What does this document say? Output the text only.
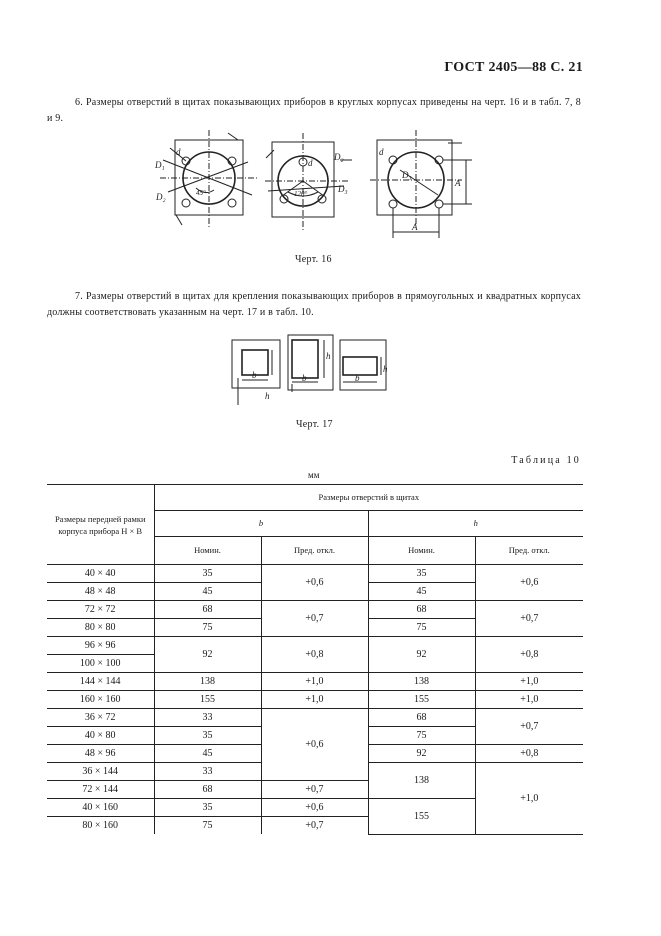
ГОСТ 2405—88 С. 21
6. Размеры отверстий в щитах показывающих приборов в круглых корпусах приведены на черт. 16 и в табл. 7, 8 и 9.
d
D₁
D₂	45°
d
D₂
D₃
120°
d
D₃
A
A
Черт. 16
7. Размеры отверстий в щитах для крепления показывающих приборов в прямоугольных и квадратных корпусах должны соответствовать указанным на черт. 17 и в табл. 10.
b
h
b
h
b
h
Черт. 17
Таблица 10
мм
Размеры передней рамки корпуса прибора H × B	Размеры отверстий в щитах			
	b		h	
	Номин.	Пред. откл.	Номин.	Пред. откл.
40 × 40	35	+0,6	35	+0,6
48 × 48	45		45	
72 × 72	68	+0,7	68	+0,7
80 × 80	75		75	
96 × 96	92	+0,8	92	+0,8
100 × 100				
144 × 144	138	+1,0	138	+1,0
160 × 160	155	+1,0	155	+1,0
36 × 72	33	+0,6	68	+0,7
40 × 80	35		75	
48 × 96	45		92	+0,8
36 × 144	33		138	+1,0
72 × 144	68	+0,7		
40 × 160	35	+0,6	155	
80 × 160	75	+0,7		
